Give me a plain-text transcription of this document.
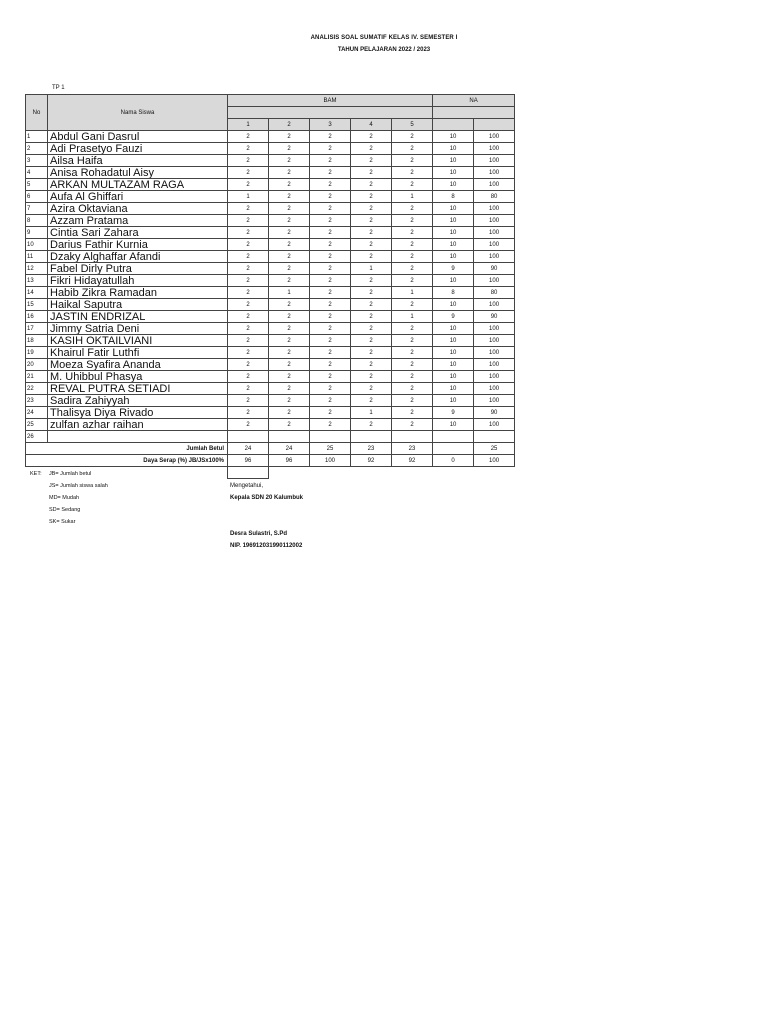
ANALISIS SOAL SUMATIF KELAS IV. SEMESTER I
TAHUN PELAJARAN 2022 / 2023
TP 1
No	Nama Siswa	BAM					NA	

		1	2	3	4	5		
1	Abdul Gani Dasrul	2	2	2	2	2	10	100
2	Adi Prasetyo Fauzi	2	2	2	2	2	10	100
3	Ailsa Haifa	2	2	2	2	2	10	100
4	Anisa Rohadatul Aisy	2	2	2	2	2	10	100
5	ARKAN MULTAZAM RAGA	2	2	2	2	2	10	100
6	Aufa Al Ghiffari	1	2	2	2	1	8	80
7	Azira Oktaviana	2	2	2	2	2	10	100
8	Azzam Pratama	2	2	2	2	2	10	100
9	Cintia Sari Zahara	2	2	2	2	2	10	100
10	Darius Fathir Kurnia	2	2	2	2	2	10	100
11	Dzaky Alghaffar Afandi	2	2	2	2	2	10	100
12	Fabel Dirly Putra	2	2	2	1	2	9	90
13	Fikri Hidayatullah	2	2	2	2	2	10	100
14	Habib Zikra Ramadan	2	1	2	2	1	8	80
15	Haikal Saputra	2	2	2	2	2	10	100
16	JASTIN ENDRIZAL	2	2	2	2	1	9	90
17	Jimmy Satria Deni	2	2	2	2	2	10	100
18	KASIH OKTAILVIANI	2	2	2	2	2	10	100
19	Khairul Fatir Luthfi	2	2	2	2	2	10	100
20	Moeza Syafira Ananda	2	2	2	2	2	10	100
21	M. Uhibbul Phasya	2	2	2	2	2	10	100
22	REVAL PUTRA SETIADI	2	2	2	2	2	10	100
23	Sadira Zahiyyah	2	2	2	2	2	10	100
24	Thalisya Diya Rivado	2	2	2	1	2	9	90
25	zulfan azhar raihan	2	2	2	2	2	10	100
26								
Jumlah Betul		24	24	25	23	23		25
Daya Serap (%) JB/JSx100%		96	96	100	92	92	0	100

KET: JB= Jumlah betul
JS= Jumlah siswa salah
MD= Mudah
SD= Sedang
SK= Sukar
Mengetahui,
Kepala SDN 20 Kalumbuk
Desra Sulastri, S.Pd
NIP. 196912031990112002
